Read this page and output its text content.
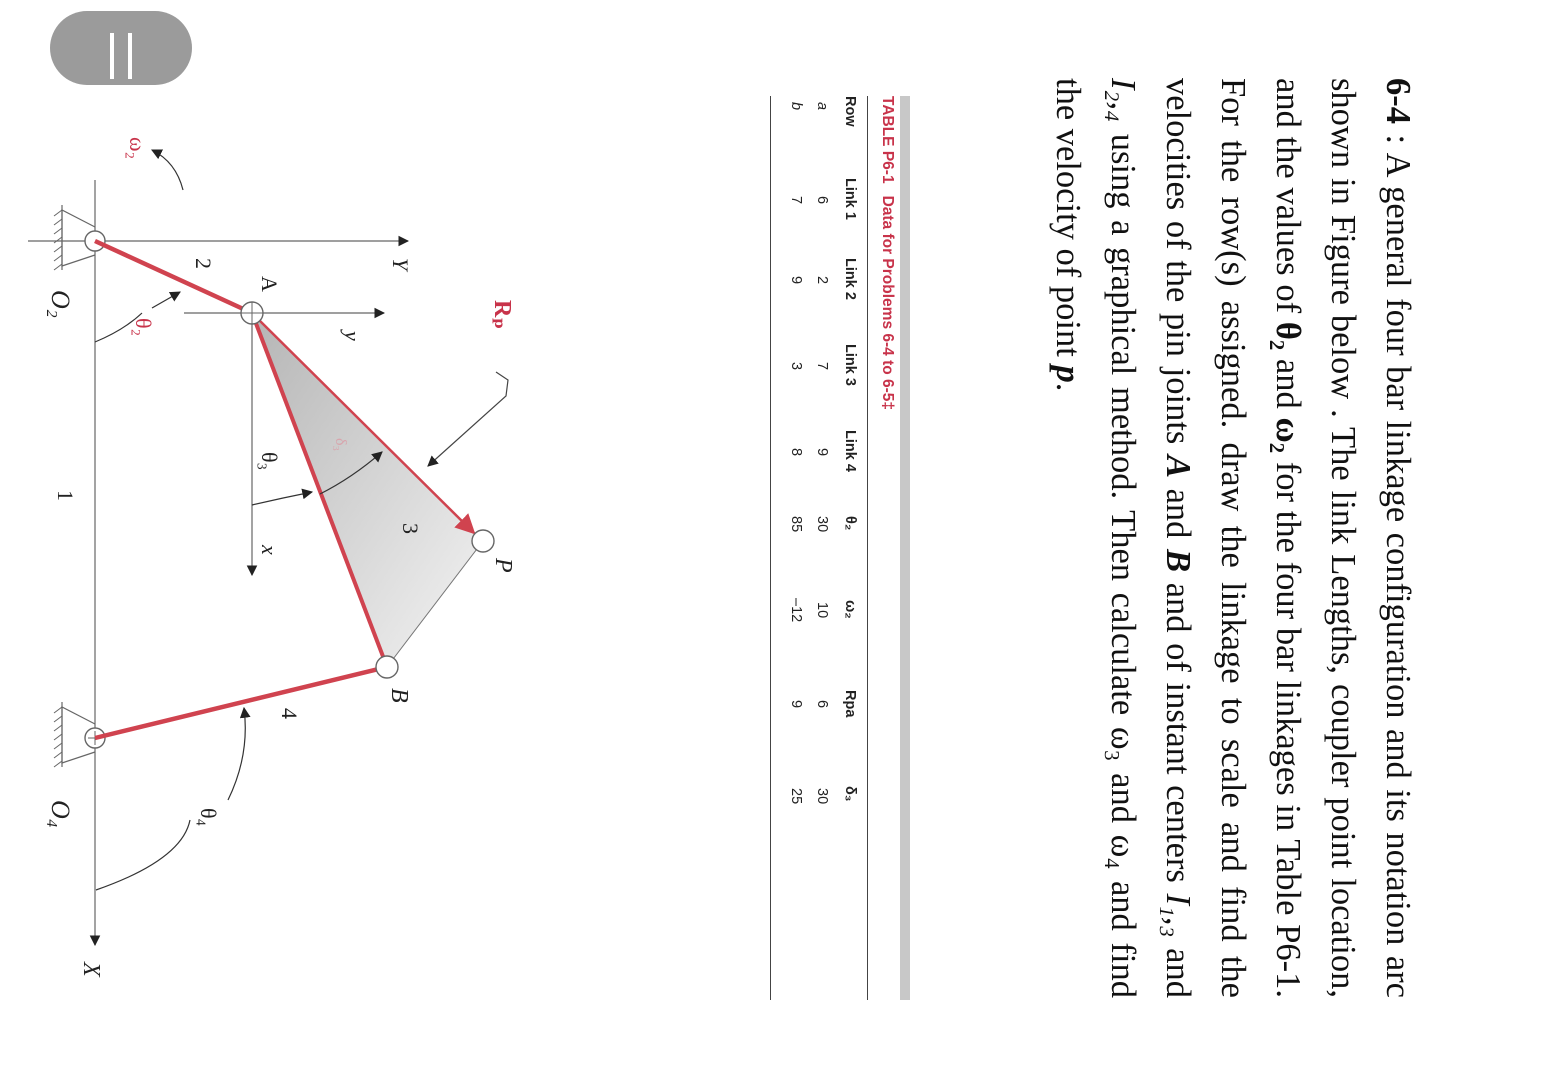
6-4 : A general four bar linkage configuration and its notation arc shown in Figure below . The link Lengths, coupler point location, and the values of θ₂ and ω₂ for the four bar linkages in Table P6-1. For the row(s) assigned. draw the linkage to scale and find the velocities of the pin joints A and B and of instant centers I₁,₃ and I₂,₄ using a graphical method. Then calculate ω₃ and ω₄ and find the velocity of point p.

TABLE P6-1Data for Problems 6-4 to 6-5‡
Row
Link 1
Link 2
Link 3
Link 4
θ₂
ω₂
Rpa
δ₃
a
6
2
7
9
30
10
6
30
b
7
9
3
8
85
–12
9
25
ω₂
Y
2
A
O₂
θ₂	y
Rₚ
θ₃
δ₃
3
x
P
1
B
4
θ₄
O₄
X
